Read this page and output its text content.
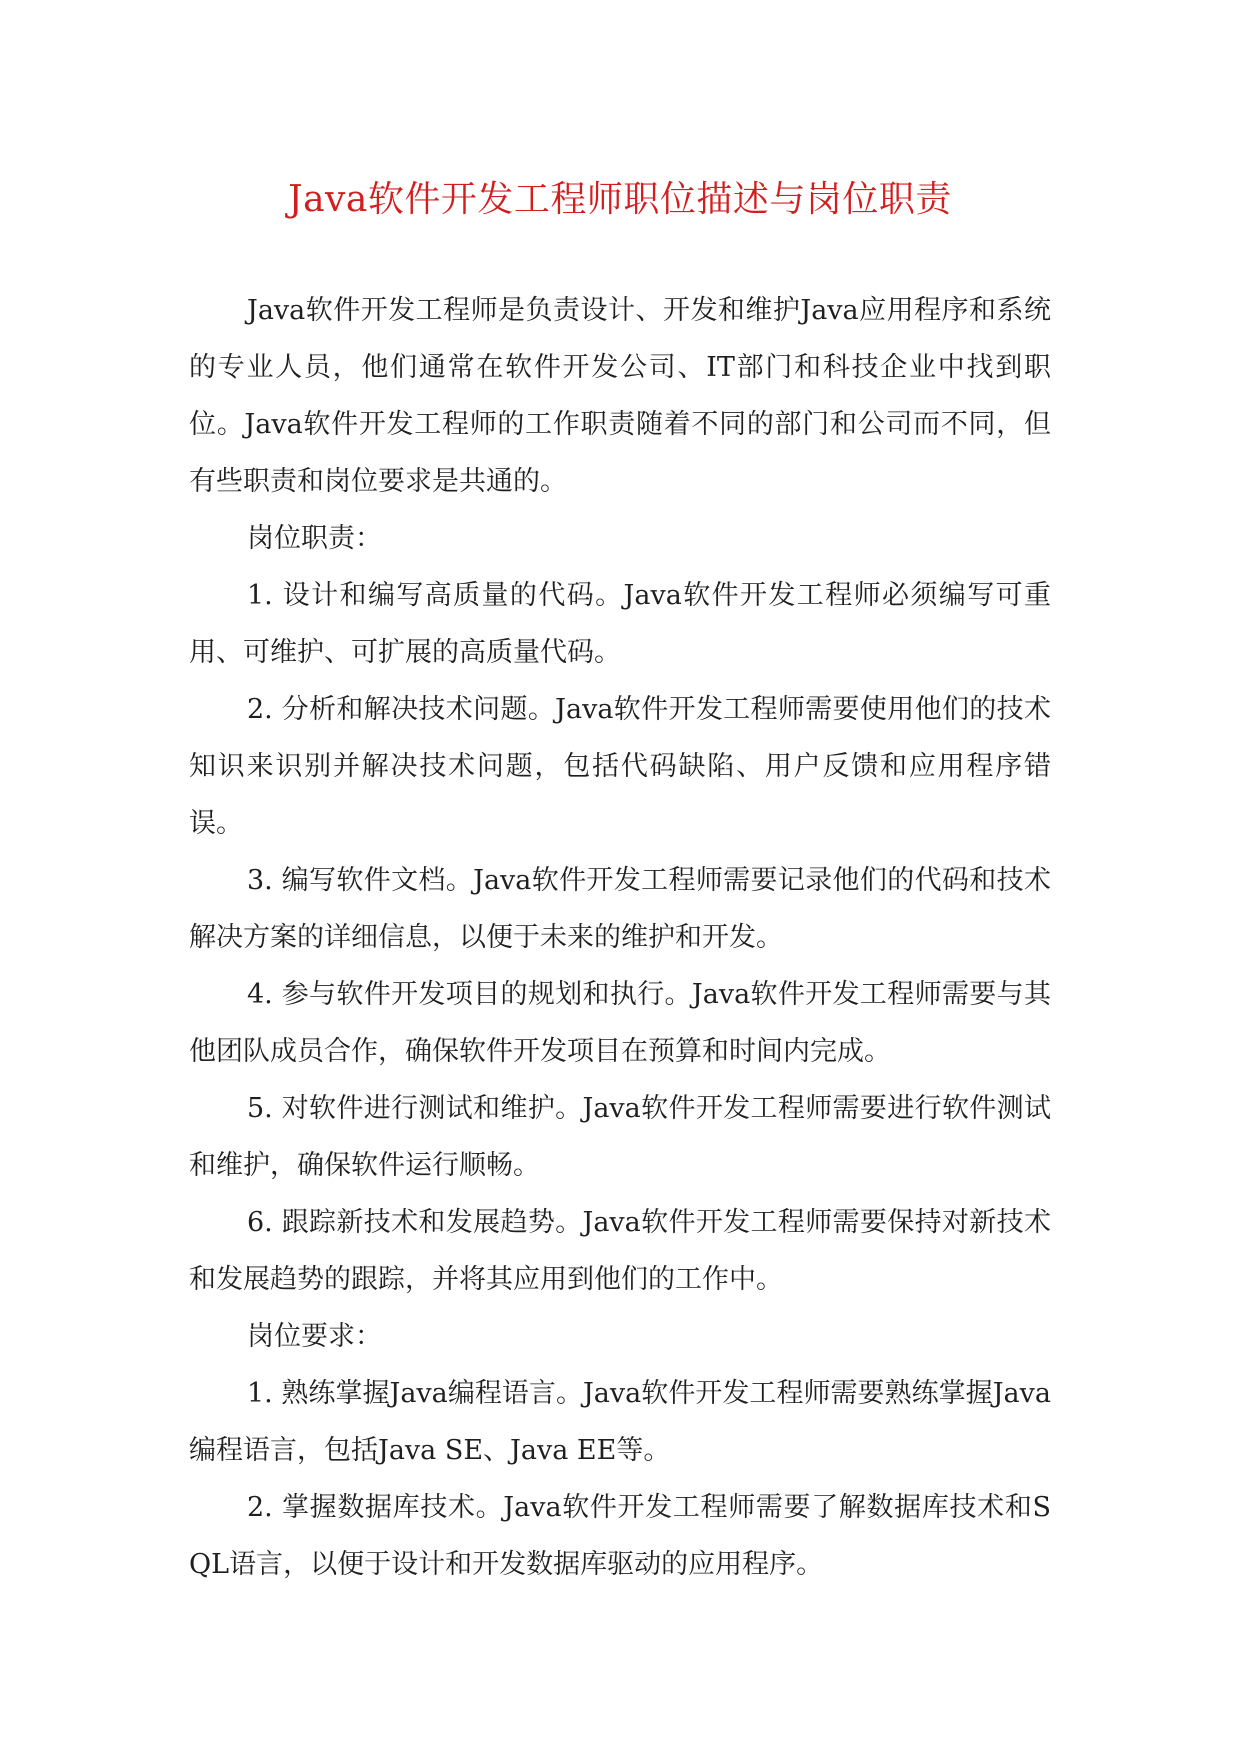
Java软件开发工程师职位描述与岗位职责

Java软件开发工程师是负责设计、开发和维护Java应用程序和系统的专业人员，他们通常在软件开发公司、IT部门和科技企业中找到职位。Java软件开发工程师的工作职责随着不同的部门和公司而不同，但有些职责和岗位要求是共通的。

岗位职责：

1. 设计和编写高质量的代码。Java软件开发工程师必须编写可重用、可维护、可扩展的高质量代码。

2. 分析和解决技术问题。Java软件开发工程师需要使用他们的技术知识来识别并解决技术问题，包括代码缺陷、用户反馈和应用程序错误。

3. 编写软件文档。Java软件开发工程师需要记录他们的代码和技术解决方案的详细信息，以便于未来的维护和开发。

4. 参与软件开发项目的规划和执行。Java软件开发工程师需要与其他团队成员合作，确保软件开发项目在预算和时间内完成。

5. 对软件进行测试和维护。Java软件开发工程师需要进行软件测试和维护，确保软件运行顺畅。

6. 跟踪新技术和发展趋势。Java软件开发工程师需要保持对新技术和发展趋势的跟踪，并将其应用到他们的工作中。

岗位要求：

1. 熟练掌握Java编程语言。Java软件开发工程师需要熟练掌握Java编程语言，包括Java SE、Java EE等。

2. 掌握数据库技术。Java软件开发工程师需要了解数据库技术和SQL语言，以便于设计和开发数据库驱动的应用程序。
